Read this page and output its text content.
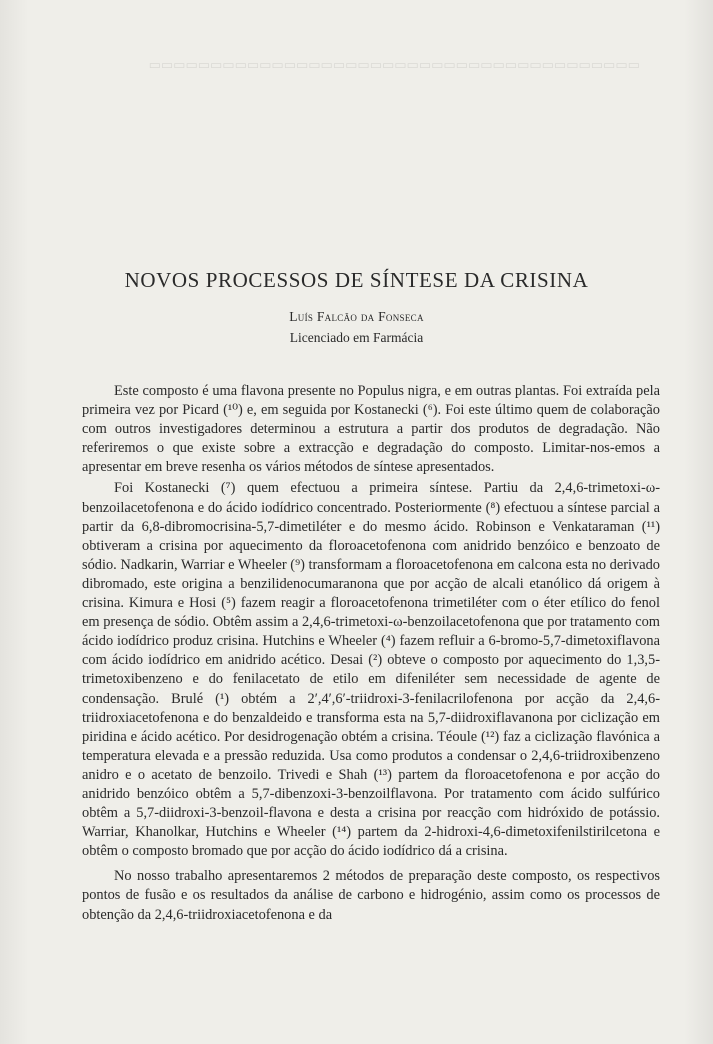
▭▭▭▭▭▭▭▭▭▭▭▭▭▭▭▭▭▭▭▭▭▭▭▭▭▭▭▭▭▭▭▭▭▭▭▭▭▭▭▭
NOVOS PROCESSOS DE SÍNTESE DA CRISINA
Luís Falcão da Fonseca
Licenciado em Farmácia

Este composto é uma flavona presente no Populus nigra, e em outras plantas. Foi extraída pela primeira vez por Picard (¹⁰) e, em seguida por Kostanecki (⁶). Foi este último quem de colaboração com outros investigadores determinou a estrutura a partir dos produtos de degradação. Não referiremos o que existe sobre a extracção e degradação do composto. Limitar-nos-emos a apresentar em breve resenha os vários métodos de síntese apresentados.

Foi Kostanecki (⁷) quem efectuou a primeira síntese. Partiu da 2,4,6-trimetoxi-ω-benzoilacetofenona e do ácido iodídrico concentrado. Posteriormente (⁸) efectuou a síntese parcial a partir da 6,8-dibromocrisina-5,7-dimetiléter e do mesmo ácido. Robinson e Venkataraman (¹¹) obtiveram a crisina por aquecimento da floroacetofenona com anidrido benzóico e benzoato de sódio. Nadkarin, Warriar e Wheeler (⁹) transformam a floroacetofenona em calcona esta no derivado dibromado, este origina a benzilidenocumaranona que por acção de alcali etanólico dá origem à crisina. Kimura e Hosi (⁵) fazem reagir a floroacetofenona trimetiléter com o éter etílico do fenol em presença de sódio. Obtêm assim a 2,4,6-trimetoxi-ω-benzoilacetofenona que por tratamento com ácido iodídrico produz crisina. Hutchins e Wheeler (⁴) fazem refluir a 6-bromo-5,7-dimetoxiflavona com ácido iodídrico em anidrido acético. Desai (²) obteve o composto por aquecimento do 1,3,5-trimetoxibenzeno e do fenilacetato de etilo em difeniléter sem necessidade de agente de condensação. Brulé (¹) obtém a 2′,4′,6′-triidroxi-3-fenilacrilofenona por acção da 2,4,6-triidroxiacetofenona e do benzaldeido e transforma esta na 5,7-diidroxiflavanona por ciclização em piridina e ácido acético. Por desidrogenação obtém a crisina. Téoule (¹²) faz a ciclização flavónica a temperatura elevada e a pressão reduzida. Usa como produtos a condensar o 2,4,6-triidroxibenzeno anidro e o acetato de benzoilo. Trivedi e Shah (¹³) partem da floroacetofenona e por acção do anidrido benzóico obtêm a 5,7-dibenzoxi-3-benzoilflavona. Por tratamento com ácido sulfúrico obtêm a 5,7-diidroxi-3-benzoil-flavona e desta a crisina por reacção com hidróxido de potássio. Warriar, Khanolkar, Hutchins e Wheeler (¹⁴) partem da 2-hidroxi-4,6-dimetoxifenilstirilcetona e obtêm o composto bromado que por acção do ácido iodídrico dá a crisina.

No nosso trabalho apresentaremos 2 métodos de preparação deste composto, os respectivos pontos de fusão e os resultados da análise de carbono e hidrogénio, assim como os processos de obtenção da 2,4,6-triidroxiacetofenona e da
